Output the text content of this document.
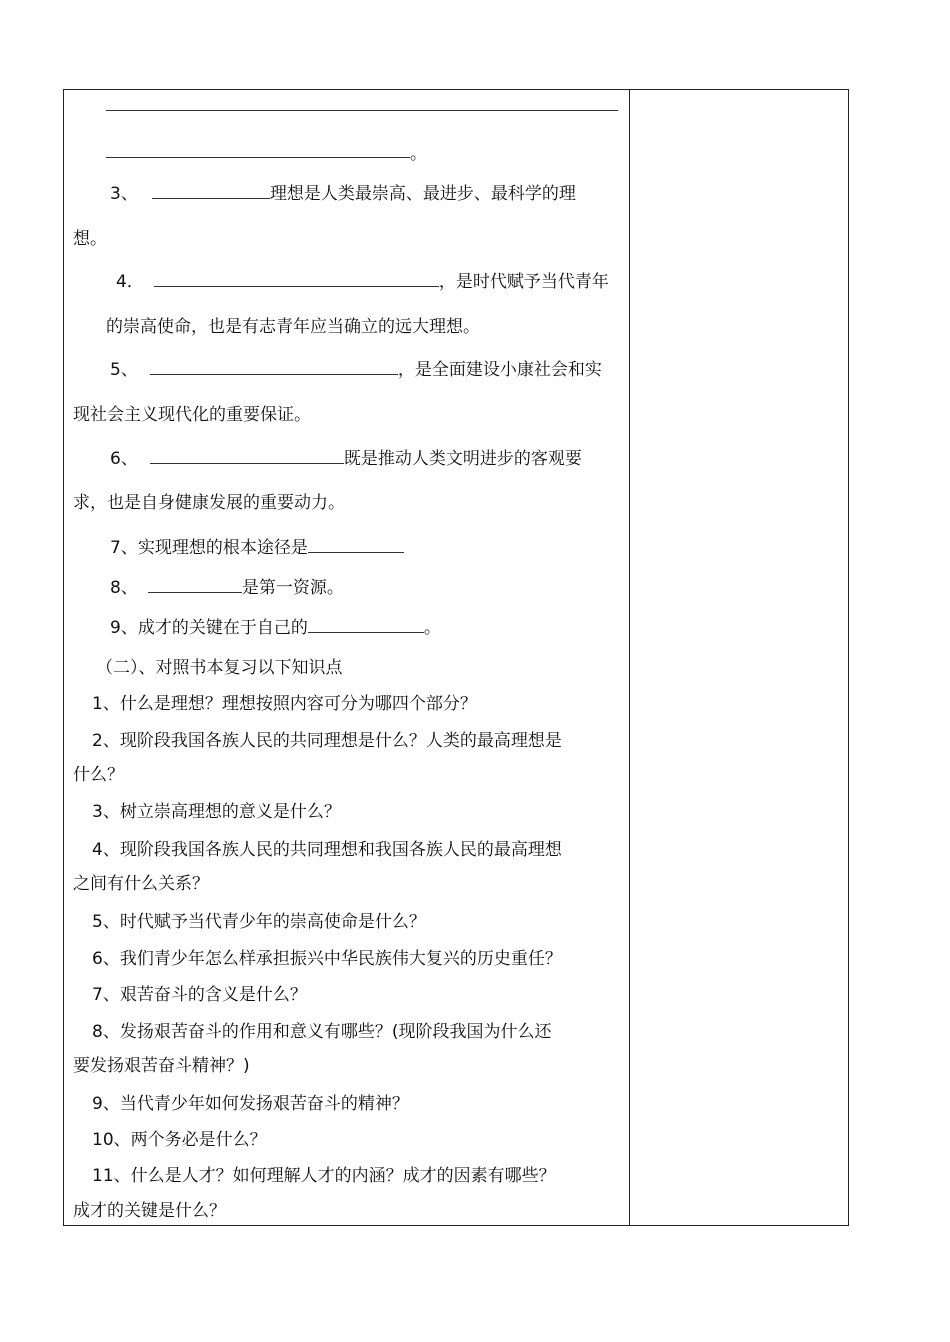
。
3、	理想是人类最崇高、最进步、最科学的理
想。
4．	，是时代赋予当代青年
的崇高使命，也是有志青年应当确立的远大理想。
5、	，是全面建设小康社会和实
现社会主义现代化的重要保证。
6、	既是推动人类文明进步的客观要
求，也是自身健康发展的重要动力。
7、实现理想的根本途径是
8、	是第一资源。
9、成才的关键在于自己的	。
（二）、对照书本复习以下知识点
1、什么是理想？理想按照内容可分为哪四个部分？
2、现阶段我国各族人民的共同理想是什么？人类的最高理想是
什么？
3、树立崇高理想的意义是什么？
4、现阶段我国各族人民的共同理想和我国各族人民的最高理想
之间有什么关系？
5、时代赋予当代青少年的崇高使命是什么？
6、我们青少年怎么样承担振兴中华民族伟大复兴的历史重任？
7、艰苦奋斗的含义是什么？
8、发扬艰苦奋斗的作用和意义有哪些？(现阶段我国为什么还
要发扬艰苦奋斗精神？)
9、当代青少年如何发扬艰苦奋斗的精神？
10、两个务必是什么？
11、什么是人才？如何理解人才的内涵？成才的因素有哪些？
成才的关键是什么？
